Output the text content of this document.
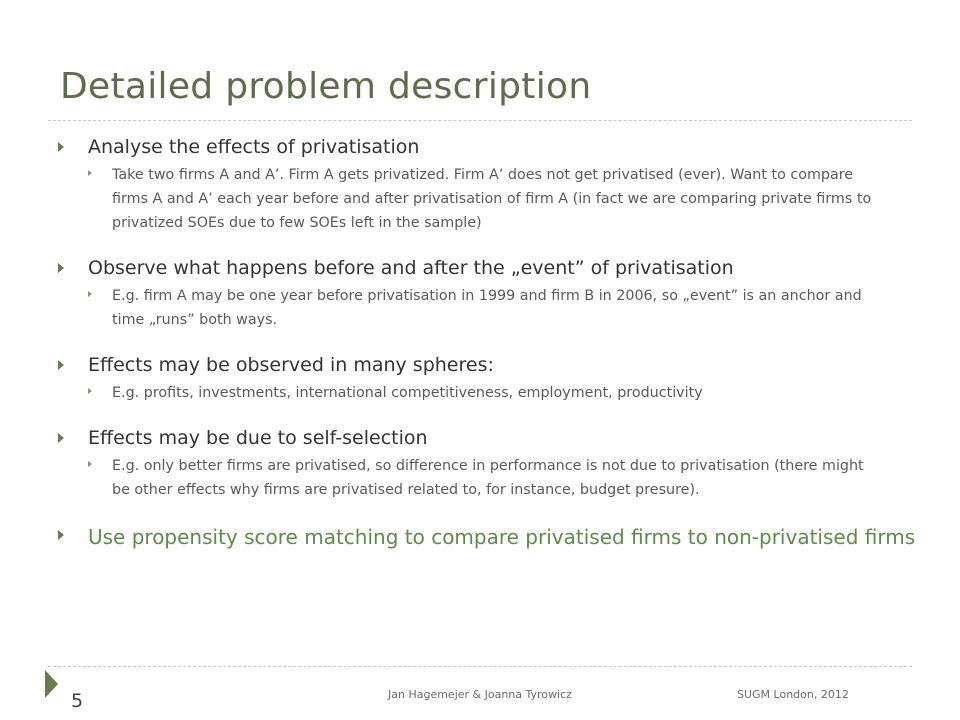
Detailed problem description
Analyse the effects of privatisation
Take two firms A and A’. Firm A gets privatized. Firm A’ does not get privatised (ever). Want to compare firms A and A’ each year before and after privatisation of firm A (in fact we are comparing private firms to privatized SOEs due to few SOEs left in the sample)
Observe what happens before and after the „event” of privatisation
E.g. firm A may be one year before privatisation in 1999 and firm B in 2006, so „event” is an anchor and time „runs” both ways.
Effects may be observed in many spheres:
E.g. profits, investments, international competitiveness, employment, productivity
Effects may be due to self-selection
E.g. only better firms are privatised, so difference in performance is not due to privatisation (there might be other effects why firms are privatised related to, for instance, budget presure).
Use propensity score matching to compare privatised firms to non-privatised firms
5	Jan Hagemejer & Joanna Tyrowicz	SUGM London, 2012
